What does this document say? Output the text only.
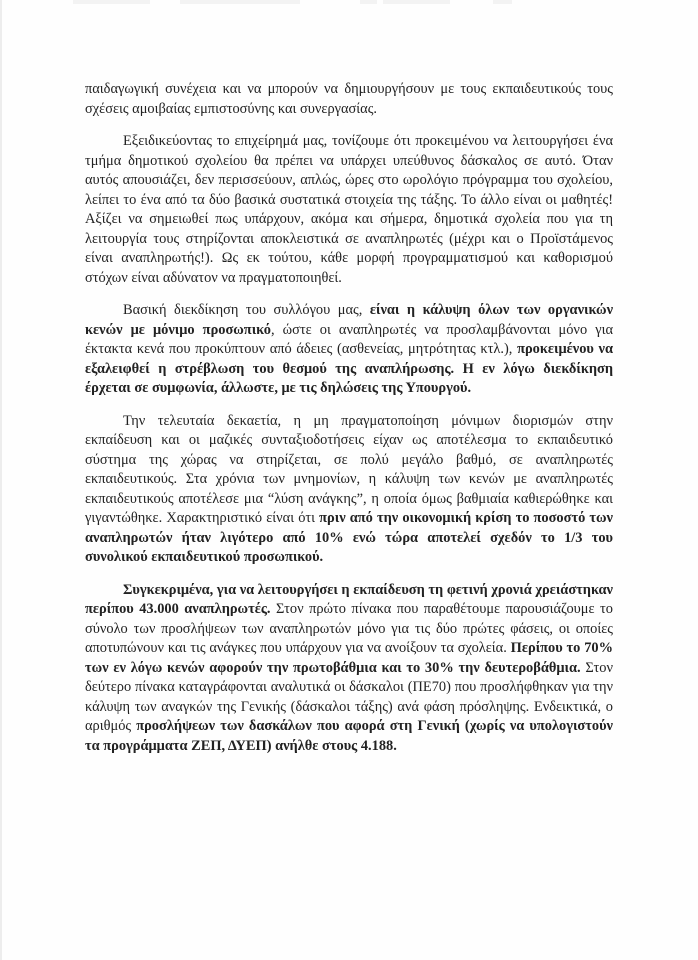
παιδαγωγική συνέχεια και να μπορούν να δημιουργήσουν με τους εκπαιδευτικούς τους σχέσεις αμοιβαίας εμπιστοσύνης και συνεργασίας.

Εξειδικεύοντας το επιχείρημά μας, τονίζουμε ότι προκειμένου να λειτουργήσει ένα τμήμα δημοτικού σχολείου θα πρέπει να υπάρχει υπεύθυνος δάσκαλος σε αυτό. Όταν αυτός απουσιάζει, δεν περισσεύουν, απλώς, ώρες στο ωρολόγιο πρόγραμμα του σχολείου, λείπει το ένα από τα δύο βασικά συστατικά στοιχεία της τάξης. Το άλλο είναι οι μαθητές! Αξίζει να σημειωθεί πως υπάρχουν, ακόμα και σήμερα, δημοτικά σχολεία που για τη λειτουργία τους στηρίζονται αποκλειστικά σε αναπληρωτές (μέχρι και ο Προϊστάμενος είναι αναπληρωτής!). Ως εκ τούτου, κάθε μορφή προγραμματισμού και καθορισμού στόχων είναι αδύνατον να πραγματοποιηθεί.

Βασική διεκδίκηση του συλλόγου μας, είναι η κάλυψη όλων των οργανικών κενών με μόνιμο προσωπικό, ώστε οι αναπληρωτές να προσλαμβάνονται μόνο για έκτακτα κενά που προκύπτουν από άδειες (ασθενείας, μητρότητας κτλ.), προκειμένου να εξαλειφθεί η στρέβλωση του θεσμού της αναπλήρωσης. Η εν λόγω διεκδίκηση έρχεται σε συμφωνία, άλλωστε, με τις δηλώσεις της Υπουργού.

Την τελευταία δεκαετία, η μη πραγματοποίηση μόνιμων διορισμών στην εκπαίδευση και οι μαζικές συνταξιοδοτήσεις είχαν ως αποτέλεσμα το εκπαιδευτικό σύστημα της χώρας να στηρίζεται, σε πολύ μεγάλο βαθμό, σε αναπληρωτές εκπαιδευτικούς. Στα χρόνια των μνημονίων, η κάλυψη των κενών με αναπληρωτές εκπαιδευτικούς αποτέλεσε μια “λύση ανάγκης”, η οποία όμως βαθμιαία καθιερώθηκε και γιγαντώθηκε. Χαρακτηριστικό είναι ότι πριν από την οικονομική κρίση το ποσοστό των αναπληρωτών ήταν λιγότερο από 10% ενώ τώρα αποτελεί σχεδόν το 1/3 του συνολικού εκπαιδευτικού προσωπικού.

Συγκεκριμένα, για να λειτουργήσει η εκπαίδευση τη φετινή χρονιά χρειάστηκαν περίπου 43.000 αναπληρωτές. Στον πρώτο πίνακα που παραθέτουμε παρουσιάζουμε το σύνολο των προσλήψεων των αναπληρωτών μόνο για τις δύο πρώτες φάσεις, οι οποίες αποτυπώνουν και τις ανάγκες που υπάρχουν για να ανοίξουν τα σχολεία. Περίπου το 70% των εν λόγω κενών αφορούν την πρωτοβάθμια και το 30% την δευτεροβάθμια. Στον δεύτερο πίνακα καταγράφονται αναλυτικά οι δάσκαλοι (ΠΕ70) που προσλήφθηκαν για την κάλυψη των αναγκών της Γενικής (δάσκαλοι τάξης) ανά φάση πρόσληψης. Ενδεικτικά, ο αριθμός προσλήψεων των δασκάλων που αφορά στη Γενική (χωρίς να υπολογιστούν τα προγράμματα ΖΕΠ, ΔΥΕΠ) ανήλθε στους 4.188.
